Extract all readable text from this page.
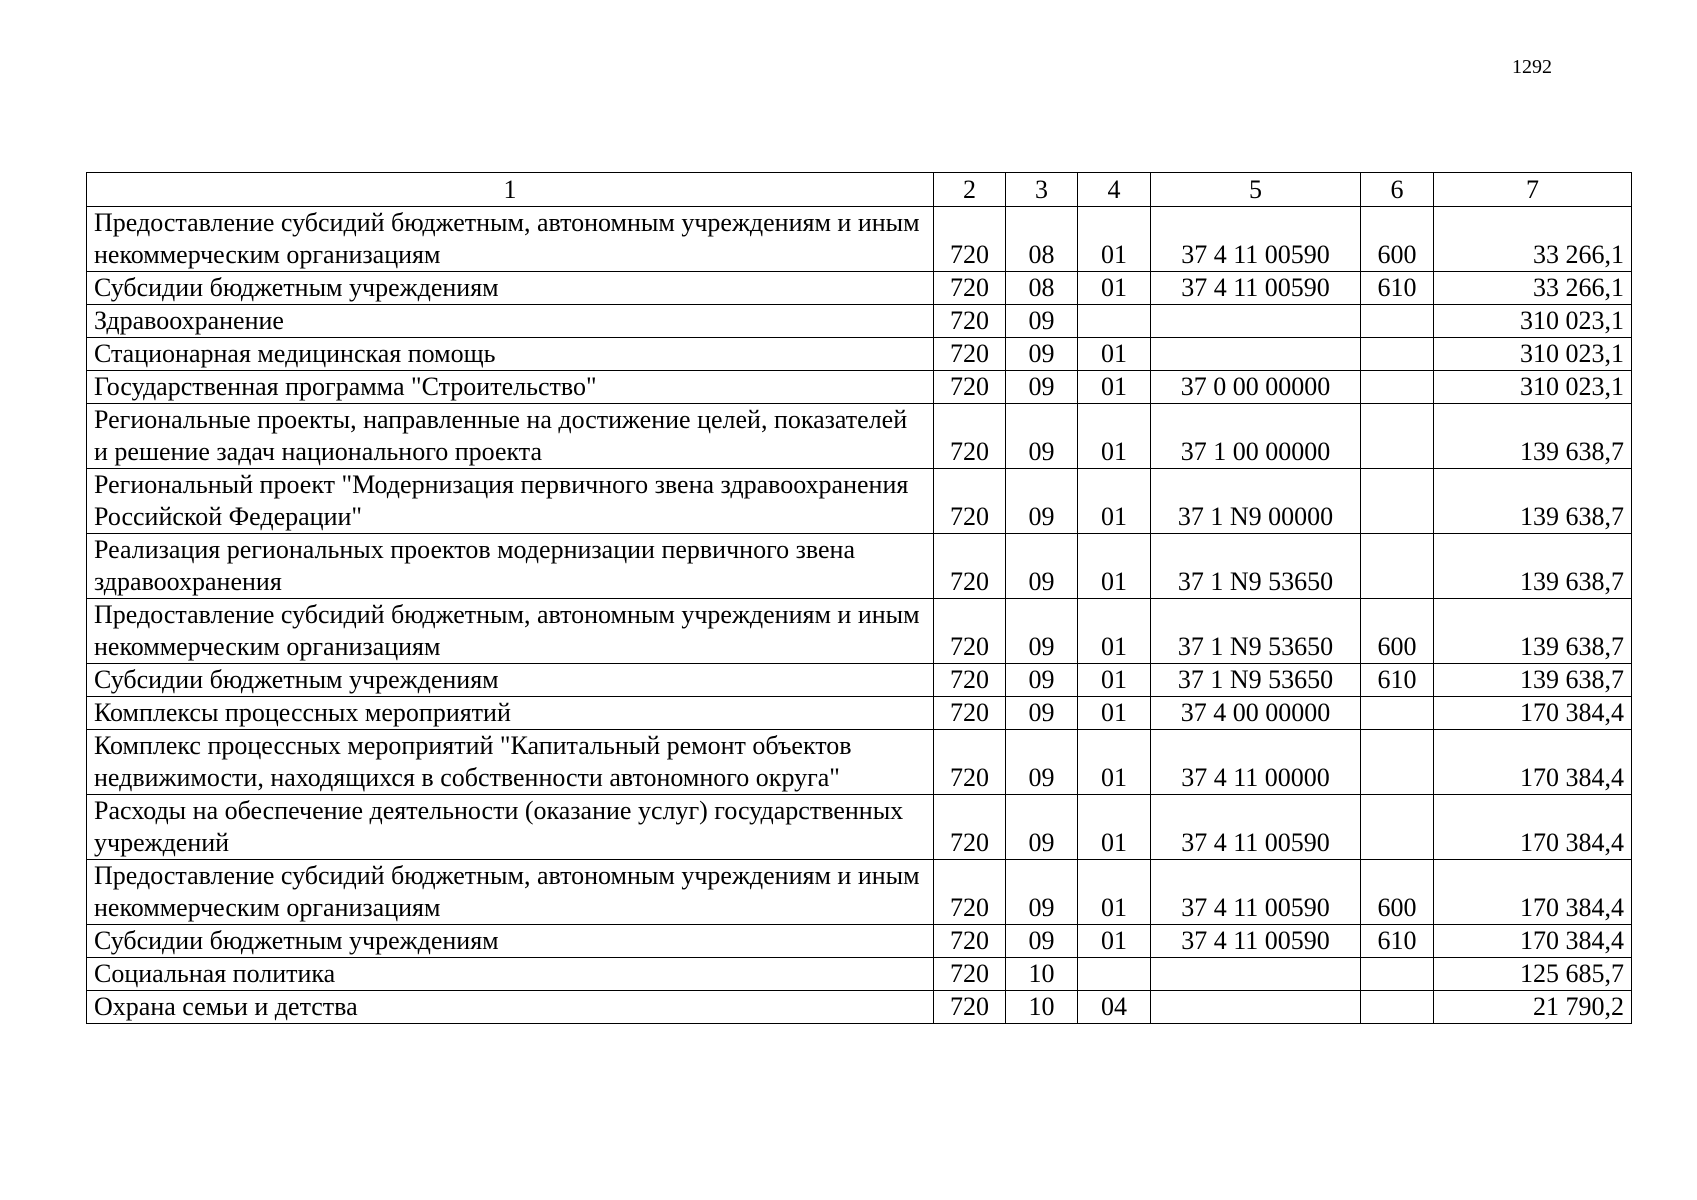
1292
1	2	3	4	5	6	7
Предоставление субсидий бюджетным, автономным учреждениям и иным некоммерческим организациям	720	08	01	37 4 11 00590	600	33 266,1
Субсидии бюджетным учреждениям	720	08	01	37 4 11 00590	610	33 266,1
Здравоохранение	720	09				310 023,1
Стационарная медицинская помощь	720	09	01			310 023,1
Государственная программа "Строительство"	720	09	01	37 0 00 00000		310 023,1
Региональные проекты, направленные на достижение целей, показателей и решение задач национального проекта	720	09	01	37 1 00 00000		139 638,7
Региональный проект "Модернизация первичного звена здравоохранения Российской Федерации"	720	09	01	37 1 N9 00000		139 638,7
Реализация региональных проектов модернизации первичного звена здравоохранения	720	09	01	37 1 N9 53650		139 638,7
Предоставление субсидий бюджетным, автономным учреждениям и иным некоммерческим организациям	720	09	01	37 1 N9 53650	600	139 638,7
Субсидии бюджетным учреждениям	720	09	01	37 1 N9 53650	610	139 638,7
Комплексы процессных мероприятий	720	09	01	37 4 00 00000		170 384,4
Комплекс процессных мероприятий "Капитальный ремонт объектов недвижимости, находящихся в собственности автономного округа"	720	09	01	37 4 11 00000		170 384,4
Расходы на обеспечение деятельности (оказание услуг) государственных учреждений	720	09	01	37 4 11 00590		170 384,4
Предоставление субсидий бюджетным, автономным учреждениям и иным некоммерческим организациям	720	09	01	37 4 11 00590	600	170 384,4
Субсидии бюджетным учреждениям	720	09	01	37 4 11 00590	610	170 384,4
Социальная политика	720	10				125 685,7
Охрана семьи и детства	720	10	04			21 790,2
